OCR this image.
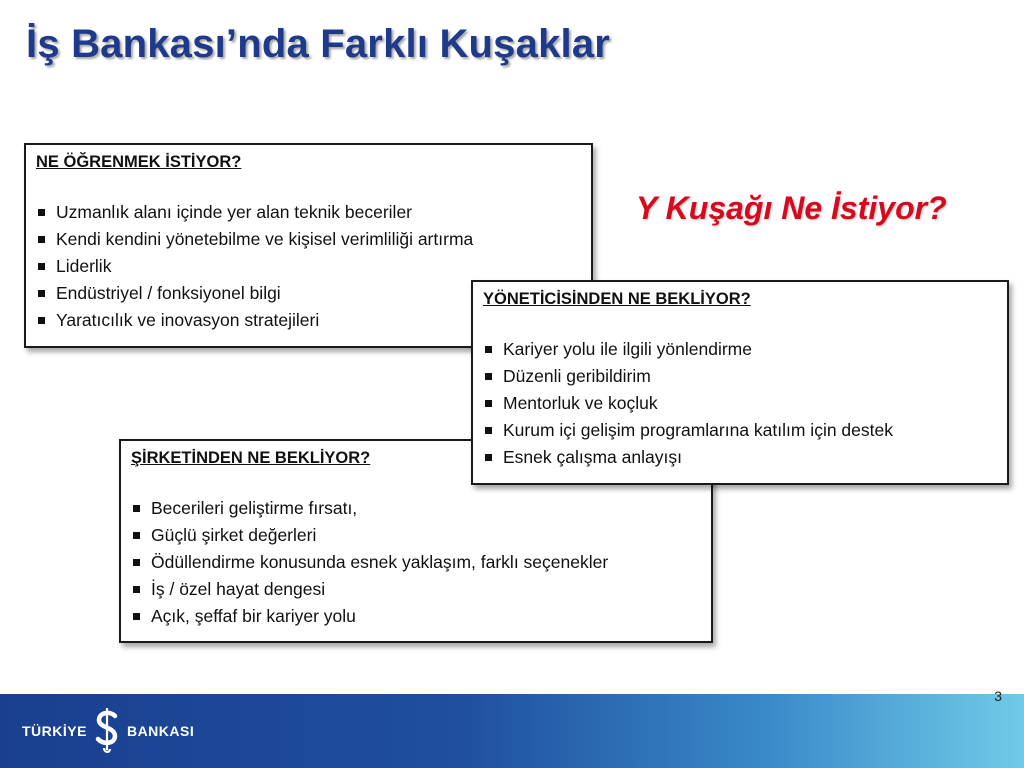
İş Bankası’nda Farklı Kuşaklar
Y Kuşağı Ne İstiyor?
NE ÖĞRENMEK İSTİYOR?
Uzmanlık alanı içinde yer alan teknik beceriler
Kendi kendini yönetebilme ve kişisel verimliliği artırma
Liderlik
Endüstriyel / fonksiyonel bilgi
Yaratıcılık ve inovasyon stratejileri
ŞİRKETİNDEN NE BEKLİYOR?
Becerileri geliştirme fırsatı,
Güçlü şirket değerleri
Ödüllendirme konusunda esnek yaklaşım, farklı seçenekler
İş / özel hayat dengesi
Açık, şeffaf bir kariyer yolu
YÖNETİCİSİNDEN NE BEKLİYOR?
Kariyer yolu ile ilgili yönlendirme
Düzenli geribildirim
Mentorluk ve koçluk
Kurum içi gelişim programlarına katılım için destek
Esnek çalışma anlayışı
3
TÜRKİYE	BANKASI
